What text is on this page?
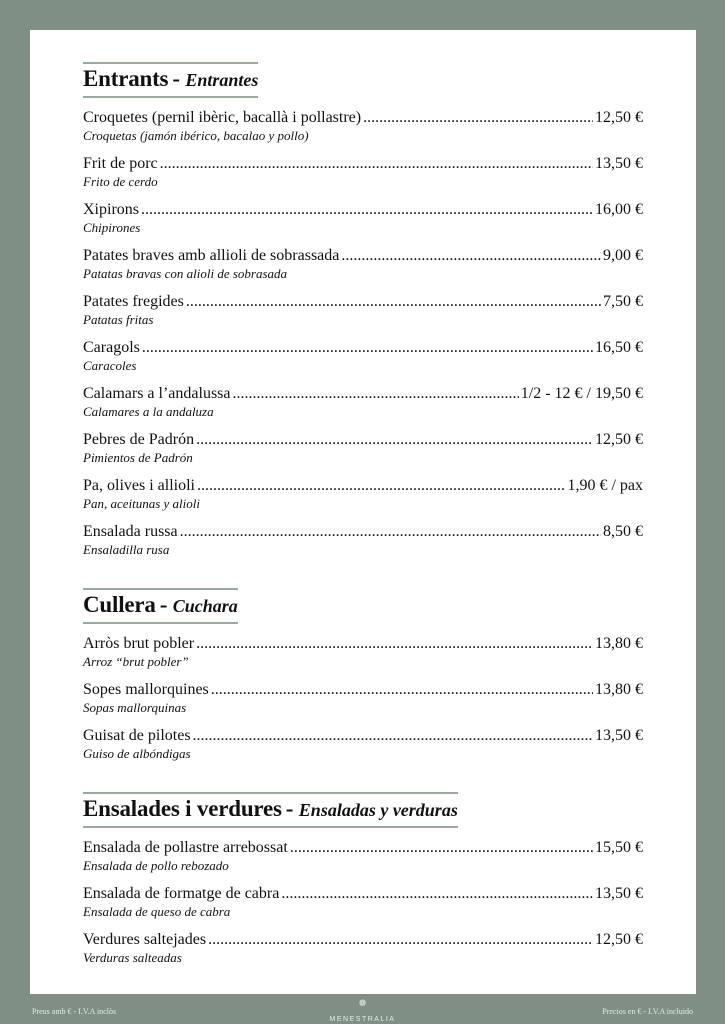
Entrants - Entrantes
Croquetes (pernil ibèric, bacallà i pollastre) .....	12,50 €
Croquetas (jamón ibérico, bacalao y pollo)
Frit de porc .....	13,50 €
Frito de cerdo
Xipirons .....	16,00 €
Chipirones
Patates braves amb allioli de sobrassada .....	9,00 €
Patatas bravas con alioli de sobrasada
Patates fregides .....	7,50 €
Patatas fritas
Caragols .....	16,50 €
Caracoles
Calamars a l’andalussa .....	1/2 - 12 € / 19,50 €
Calamares a la andaluza
Pebres de Padrón .....	12,50 €
Pimientos de Padrón
Pa, olives i allioli .....	1,90 € / pax
Pan, aceitunas y alioli
Ensalada russa .....	8,50 €
Ensaladilla rusa
Cullera - Cuchara
Arròs brut pobler .....	13,80 €
Arroz “brut pobler”
Sopes mallorquines .....	13,80 €
Sopas mallorquinas
Guisat de pilotes .....	13,50 €
Guiso de albóndigas
Ensalades i verdures - Ensaladas y verduras
Ensalada de pollastre arrebossat .....	15,50 €
Ensalada de pollo rebozado
Ensalada de formatge de cabra .....	13,50 €
Ensalada de queso de cabra
Verdures saltejades .....	12,50 €
Verduras salteadas
Preus amb € - I.V.A inclòs
❁
MENESTRALIA
Precios en € - I.V.A incluido
